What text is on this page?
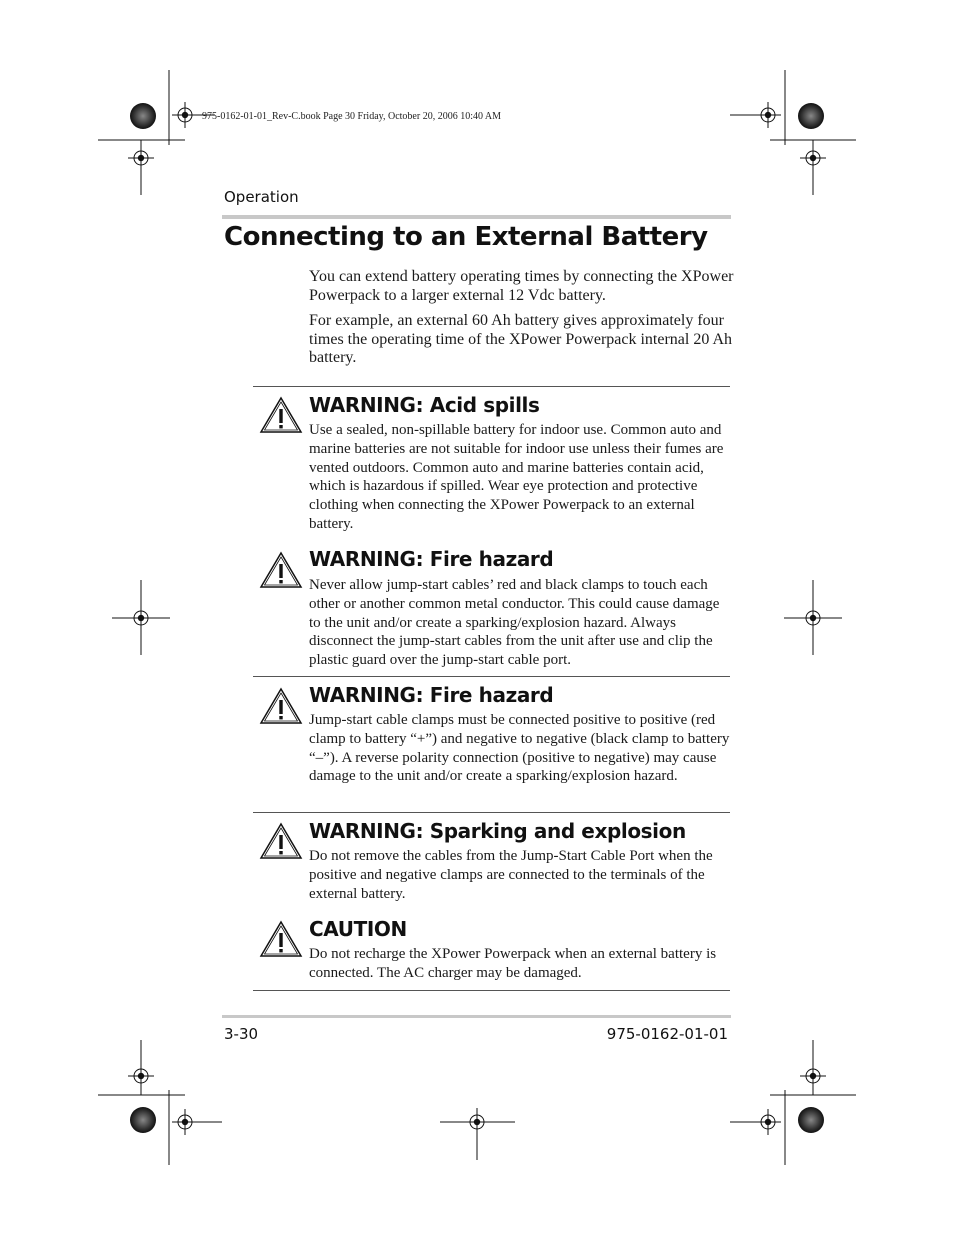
975-0162-01-01_Rev-C.book Page 30 Friday, October 20, 2006 10:40 AM
Operation
Connecting to an External Battery

You can extend battery operating times by connecting the XPower Powerpack to a larger external 12 Vdc battery.

For example, an external 60 Ah battery gives approximately four times the operating time of the XPower Powerpack internal 20 Ah battery.

WARNING: Acid spills

Use a sealed, non-spillable battery for indoor use. Common auto and marine batteries are not suitable for indoor use unless their fumes are vented outdoors. Common auto and marine batteries contain acid, which is hazardous if spilled. Wear eye protection and protective clothing when connecting the XPower Powerpack to an external battery.

WARNING: Fire hazard

Never allow jump-start cables’ red and black clamps to touch each other or another common metal conductor. This could cause damage to the unit and/or create a sparking/explosion hazard. Always disconnect the jump-start cables from the unit after use and clip the plastic guard over the jump-start cable port.

WARNING: Fire hazard

Jump-start cable clamps must be connected positive to positive (red clamp to battery “+”) and negative to negative (black clamp to battery “–”). A reverse polarity connection (positive to negative) may cause damage to the unit and/or create a sparking/explosion hazard.

WARNING: Sparking and explosion

Do not remove the cables from the Jump-Start Cable Port when the positive and negative clamps are connected to the terminals of the external battery.

CAUTION

Do not recharge the XPower Powerpack when an external battery is connected. The AC charger may be damaged.

3-30	975-0162-01-01
